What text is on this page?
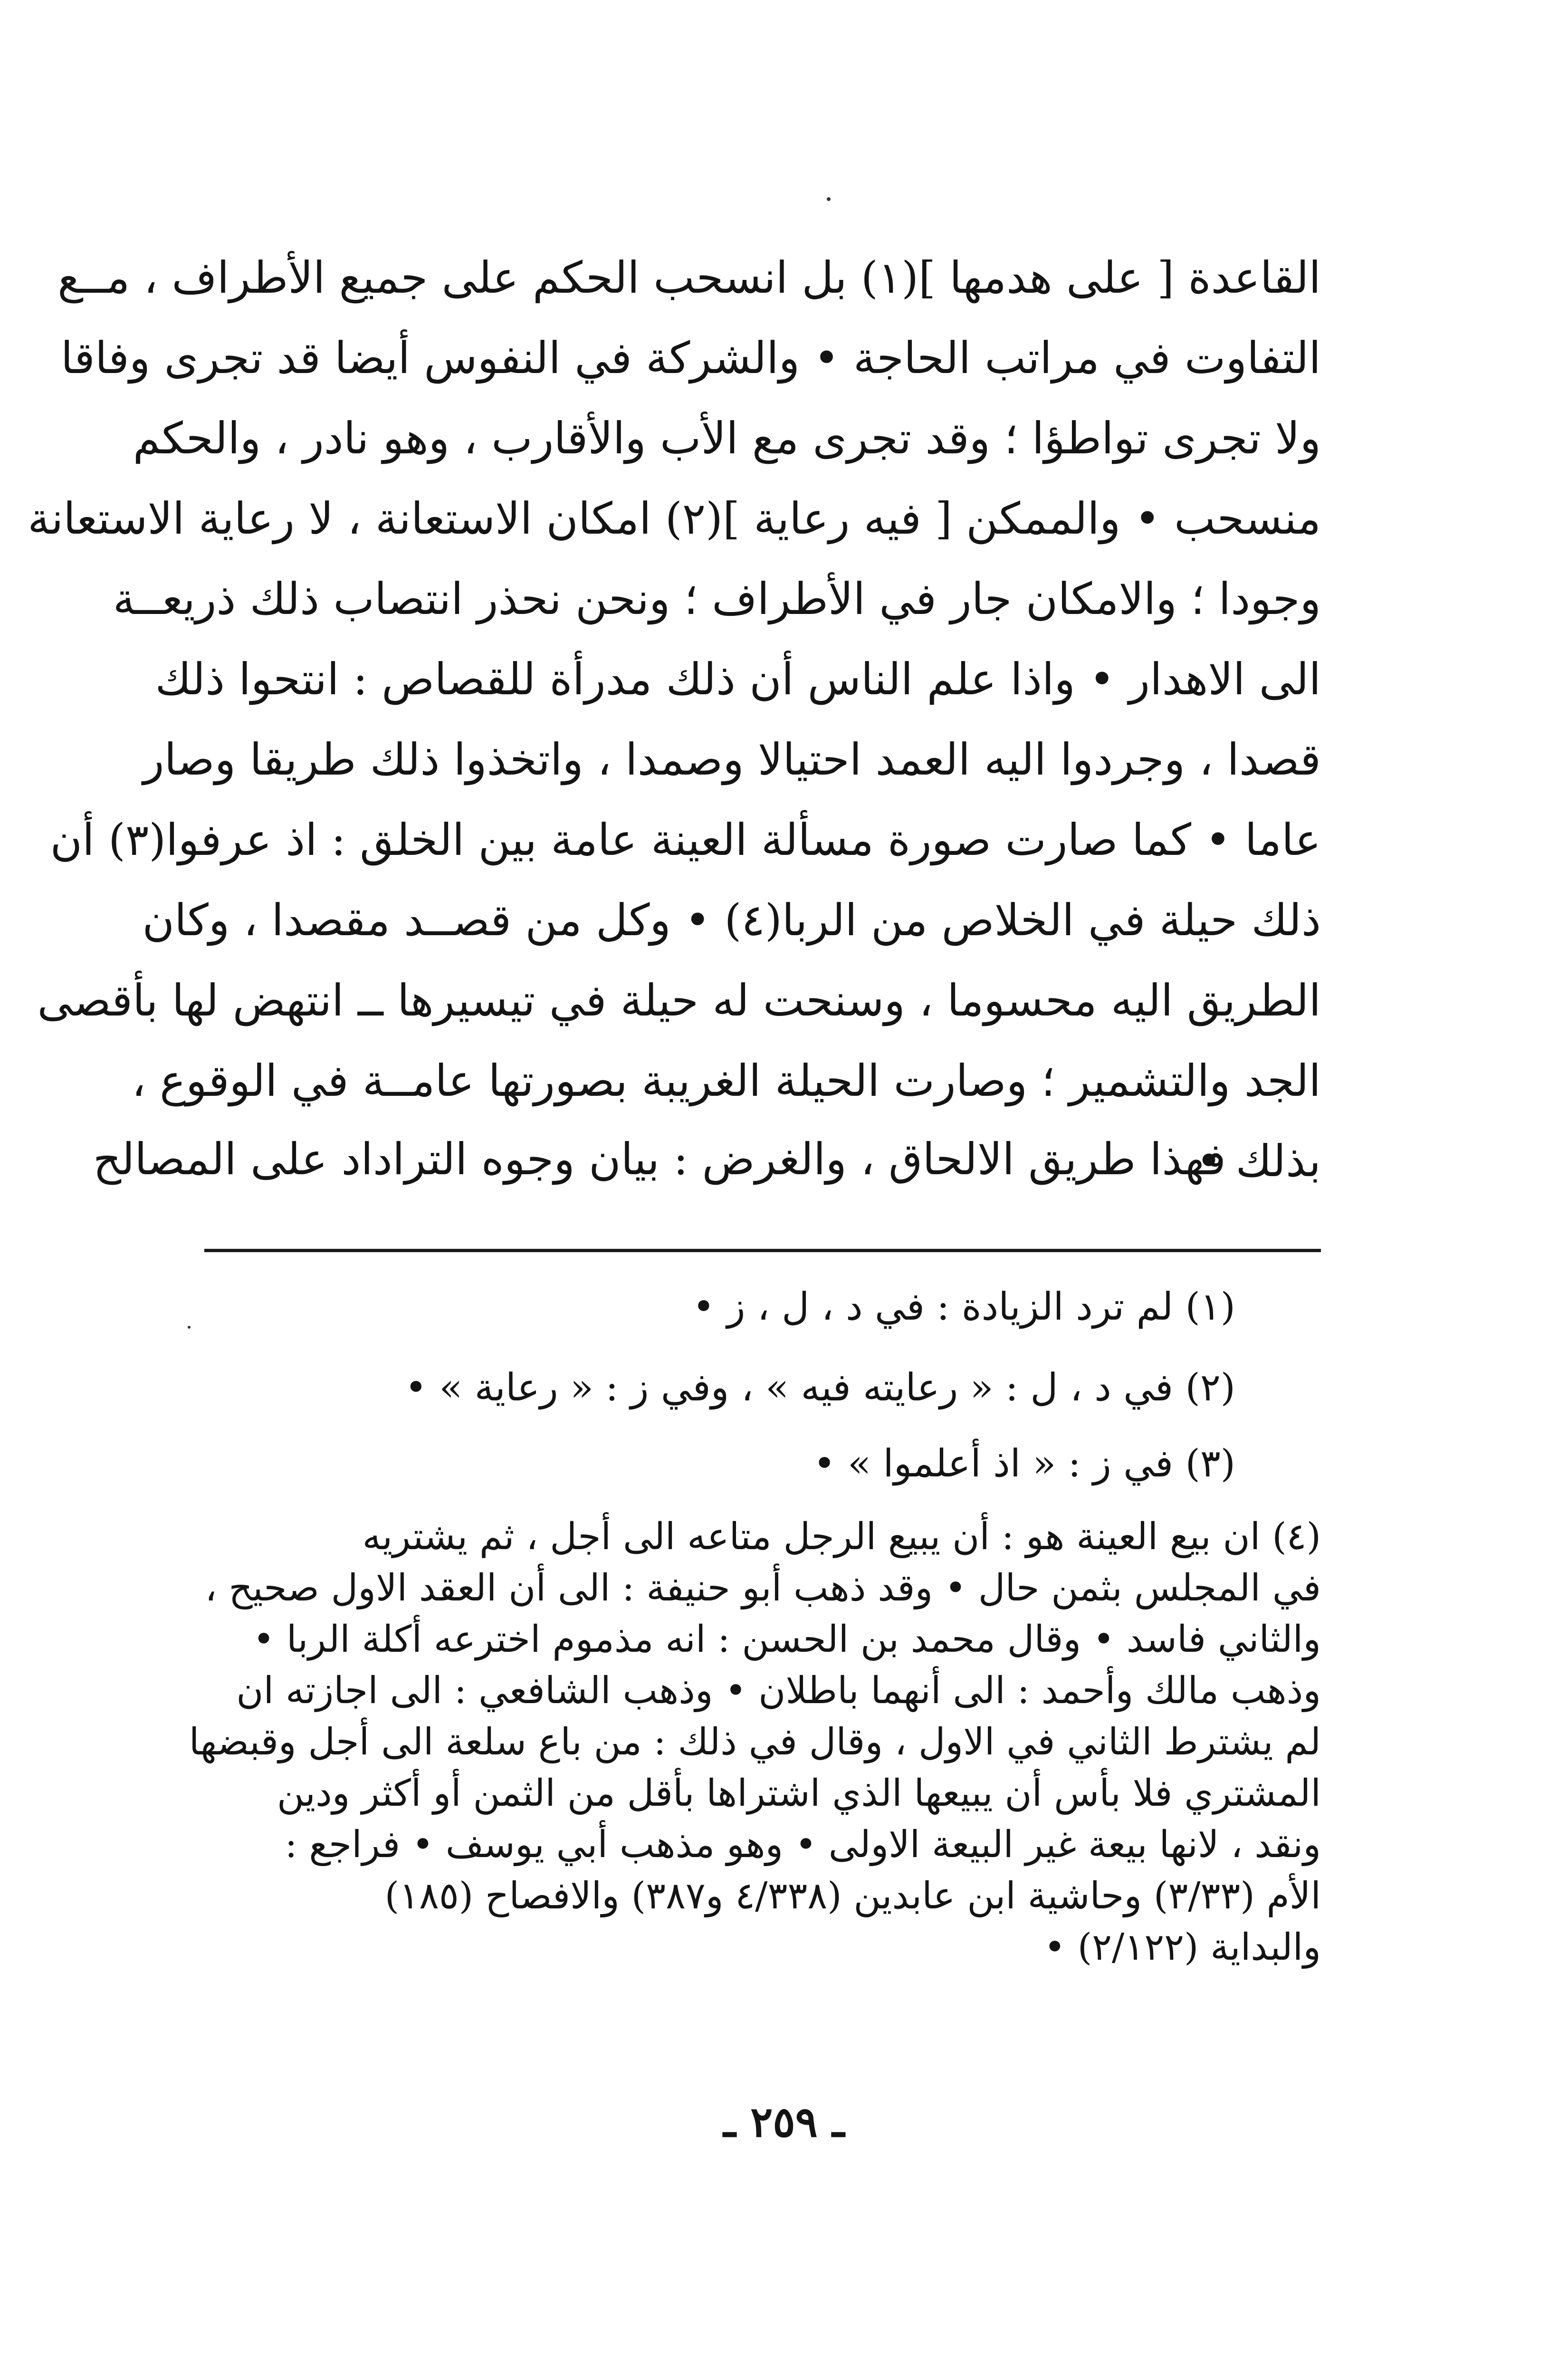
القاعدة [ على هدمها ](١) بل انسحب الحكم على جميع الأطراف ، مــع
التفاوت في مراتب الحاجة • والشركة في النفوس أيضا قد تجرى وفاقا
ولا تجرى تواطؤا ؛ وقد تجرى مع الأب والأقارب ، وهو نادر ، والحكم
منسحب • والممكن [ فيه رعاية ](٢) امكان الاستعانة ، لا رعاية الاستعانة
وجودا ؛ والامكان جار في الأطراف ؛ ونحن نحذر انتصاب ذلك ذريعــة
الى الاهدار • واذا علم الناس أن ذلك مدرأة للقصاص : انتحوا ذلك
قصدا ، وجردوا اليه العمد احتيالا وصمدا ، واتخذوا ذلك طريقا وصار
عاما • كما صارت صورة مسألة العينة عامة بين الخلق : اذ عرفوا(٣) أن
ذلك حيلة في الخلاص من الربا(٤) • وكل من قصــد مقصدا ، وكان
الطريق اليه محسوما ، وسنحت له حيلة في تيسيرها ــ انتهض لها بأقصى
الجد والتشمير ؛ وصارت الحيلة الغريبة بصورتها عامــة في الوقوع ،
بذلك •
فهذا طريق الالحاق ، والغرض : بيان وجوه التراداد على المصالح
(١) لم ترد الزيادة : في د ، ل ، ز •
(٢) في د ، ل : « رعايته فيه » ، وفي ز : « رعاية » •
(٣) في ز : « اذ أعلموا » •
(٤) ان بيع العينة هو : أن يبيع الرجل متاعه الى أجل ، ثم يشتريه
في المجلس بثمن حال • وقد ذهب أبو حنيفة : الى أن العقد الاول صحيح ،
والثاني فاسد • وقال محمد بن الحسن : انه مذموم اخترعه أكلة الربا •
وذهب مالك وأحمد : الى أنهما باطلان • وذهب الشافعي : الى اجازته ان
لم يشترط الثاني في الاول ، وقال في ذلك : من باع سلعة الى أجل وقبضها
المشتري فلا بأس أن يبيعها الذي اشتراها بأقل من الثمن أو أكثر ودين
ونقد ، لانها بيعة غير البيعة الاولى • وهو مذهب أبي يوسف • فراجع :
الأم (٣/٣٣) وحاشية ابن عابدين (٤/٣٣٨ و٣٨٧) والافصاح (١٨٥)
والبداية (٢/١٢٢) •
ـ ٢٥٩ ـ
